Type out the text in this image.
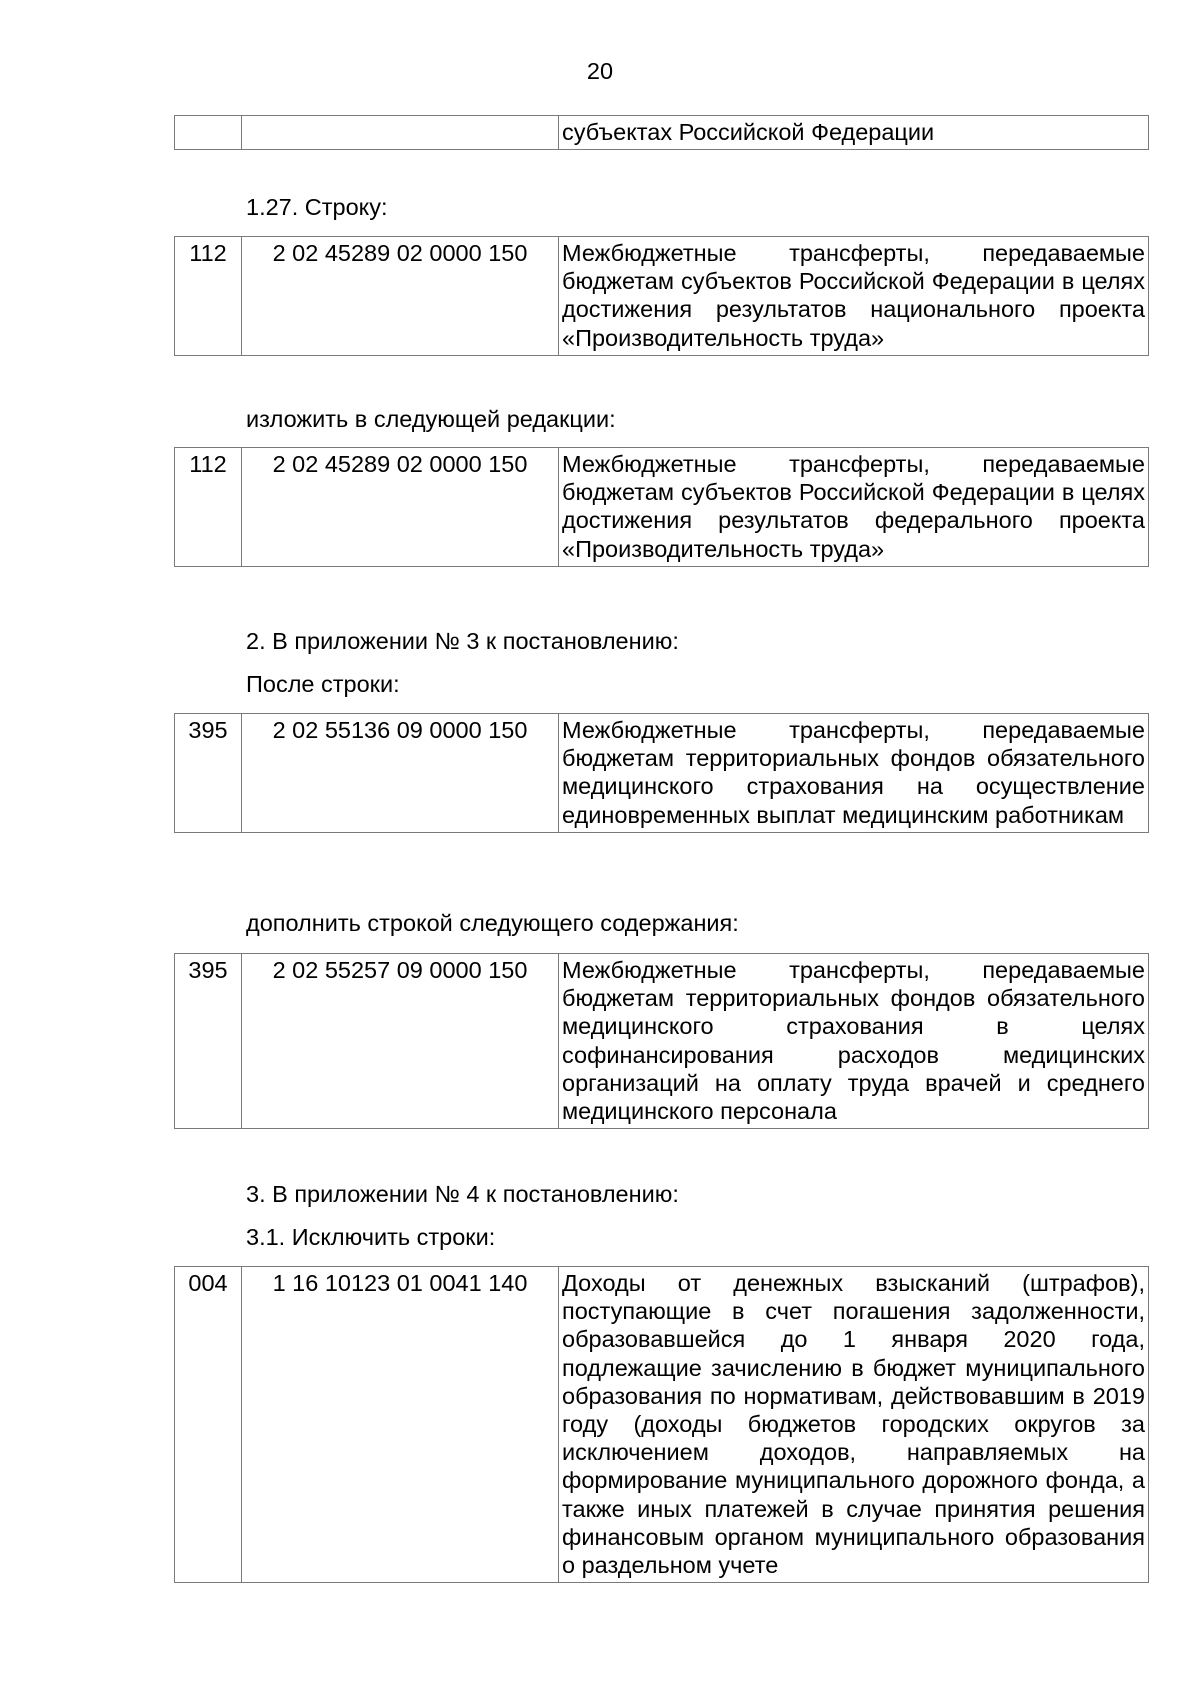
20
		субъектах Российской Федерации
1.27. Строку:
112	2 02 45289 02 0000 150	Межбюджетные трансферты, передаваемые бюджетам субъектов Российской Федерации в целях достижения результатов национального проекта «Производительность труда»
изложить в следующей редакции:
112	2 02 45289 02 0000 150	Межбюджетные трансферты, передаваемые бюджетам субъектов Российской Федерации в целях достижения результатов федерального проекта «Производительность труда»
2. В приложении № 3 к постановлению:
После строки:
395	2 02 55136 09 0000 150	Межбюджетные трансферты, передаваемые бюджетам территориальных фондов обязательного медицинского страхования на осуществление единовременных выплат медицинским работникам
дополнить строкой следующего содержания:
395	2 02 55257 09 0000 150	Межбюджетные трансферты, передаваемые бюджетам территориальных фондов обязательного медицинского страхования в целях софинансирования расходов медицинских организаций на оплату труда врачей и среднего медицинского персонала
3. В приложении № 4 к постановлению:
3.1. Исключить строки:
004	1 16 10123 01 0041 140	Доходы от денежных взысканий (штрафов), поступающие в счет погашения задолженности, образовавшейся до 1 января 2020 года, подлежащие зачислению в бюджет муниципального образования по нормативам, действовавшим в 2019 году (доходы бюджетов городских округов за исключением доходов, направляемых на формирование муниципального дорожного фонда, а также иных платежей в случае принятия решения финансовым органом муниципального образования о раздельном учете
